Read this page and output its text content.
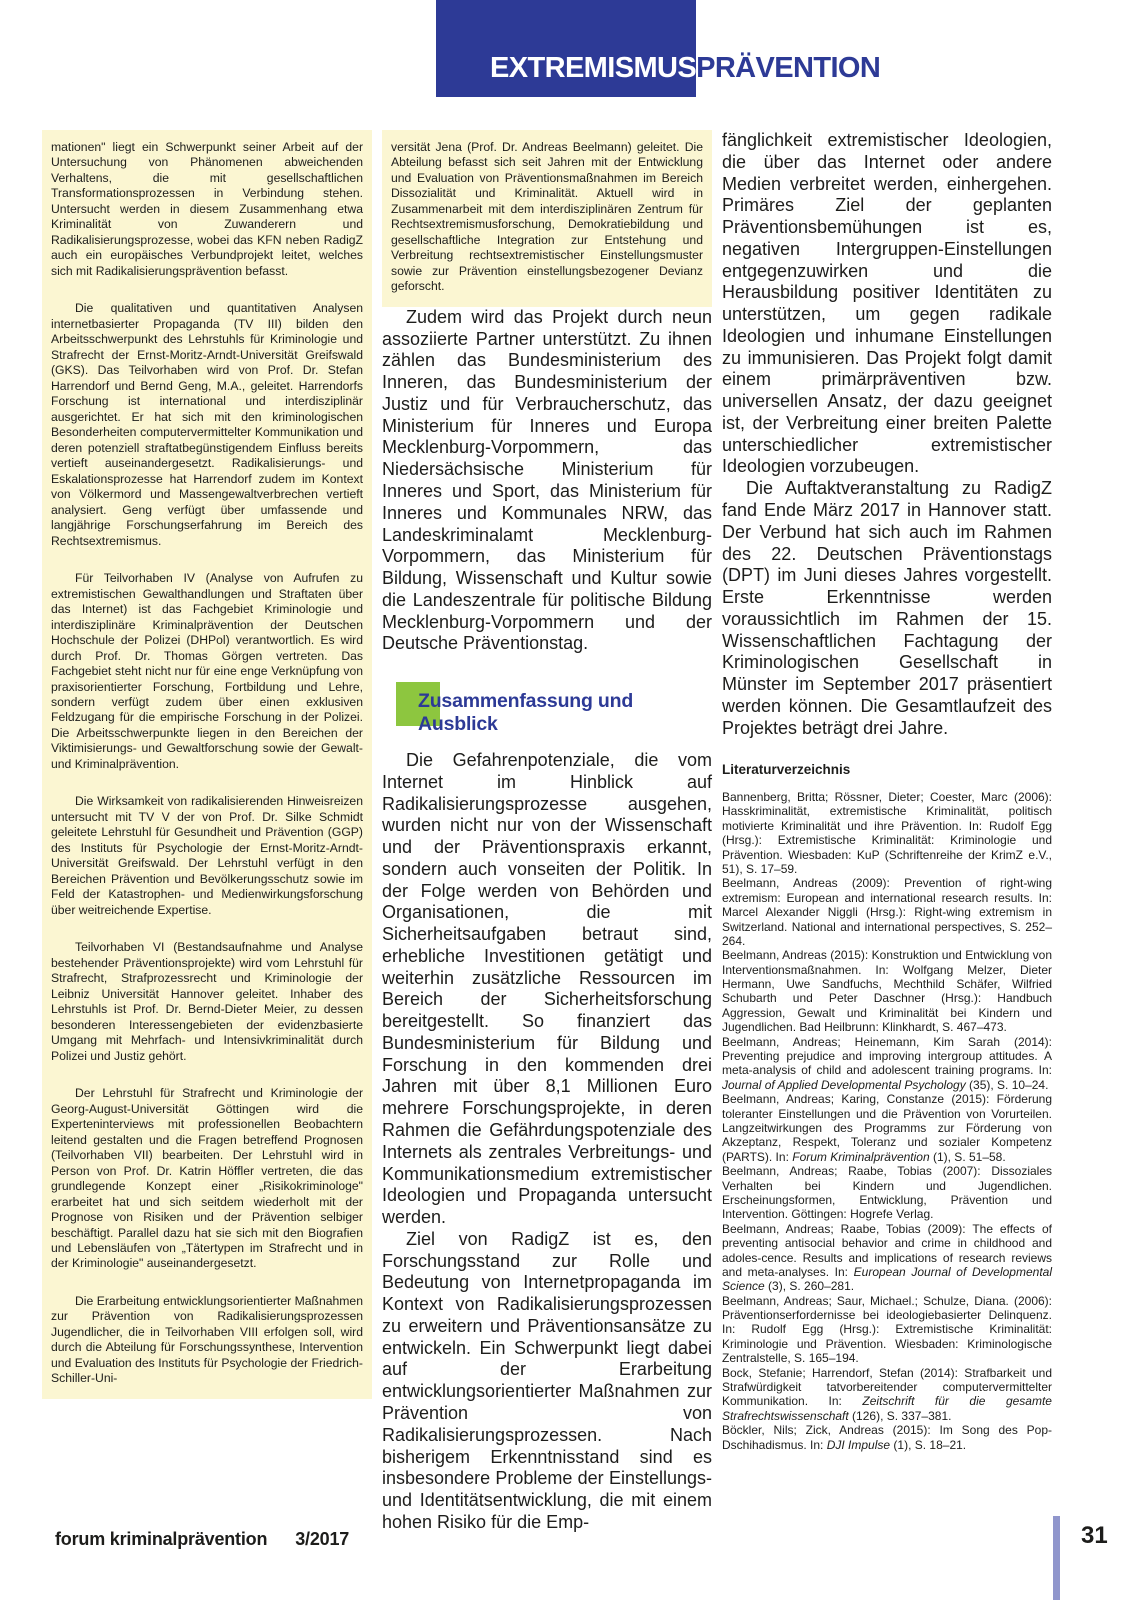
EXTREMISMUS PRÄVENTION

mationen" liegt ein Schwerpunkt seiner Arbeit auf der Untersuchung von Phänomenen abweichenden Verhaltens, die mit gesellschaftlichen Transformationsprozessen in Verbindung stehen. Untersucht werden in diesem Zusammenhang etwa Kriminalität von Zuwanderern und Radikalisierungsprozesse, wobei das KFN neben RadigZ auch ein europäisches Verbundprojekt leitet, welches sich mit Radikalisierungsprävention befasst.

Die qualitativen und quantitativen Analysen internetbasierter Propaganda (TV III) bilden den Arbeitsschwerpunkt des Lehrstuhls für Kriminologie und Strafrecht der Ernst-Moritz-Arndt-Universität Greifswald (GKS). Das Teilvorhaben wird von Prof. Dr. Stefan Harrendorf und Bernd Geng, M.A., geleitet. Harrendorfs Forschung ist international und interdisziplinär ausgerichtet. Er hat sich mit den kriminologischen Besonderheiten computervermittelter Kommunikation und deren potenziell straftatbegünstigendem Einfluss bereits vertieft auseinandergesetzt. Radikalisierungs- und Eskalationsprozesse hat Harrendorf zudem im Kontext von Völkermord und Massengewaltverbrechen vertieft analysiert. Geng verfügt über umfassende und langjährige Forschungserfahrung im Bereich des Rechtsextremismus.

Für Teilvorhaben IV (Analyse von Aufrufen zu extremistischen Gewalthandlungen und Straftaten über das Internet) ist das Fachgebiet Kriminologie und interdisziplinäre Kriminalprävention der Deutschen Hochschule der Polizei (DHPol) verantwortlich. Es wird durch Prof. Dr. Thomas Görgen vertreten. Das Fachgebiet steht nicht nur für eine enge Verknüpfung von praxisorientierter Forschung, Fortbildung und Lehre, sondern verfügt zudem über einen exklusiven Feldzugang für die empirische Forschung in der Polizei. Die Arbeitsschwerpunkte liegen in den Bereichen der Viktimisierungs- und Gewaltforschung sowie der Gewalt- und Kriminalprävention.

Die Wirksamkeit von radikalisierenden Hinweisreizen untersucht mit TV V der von Prof. Dr. Silke Schmidt geleitete Lehrstuhl für Gesundheit und Prävention (GGP) des Instituts für Psychologie der Ernst-Moritz-Arndt-Universität Greifswald. Der Lehrstuhl verfügt in den Bereichen Prävention und Bevölkerungsschutz sowie im Feld der Katastrophen- und Medienwirkungsforschung über weitreichende Expertise.

Teilvorhaben VI (Bestandsaufnahme und Analyse bestehender Präventionsprojekte) wird vom Lehrstuhl für Strafrecht, Strafprozessrecht und Kriminologie der Leibniz Universität Hannover geleitet. Inhaber des Lehrstuhls ist Prof. Dr. Bernd-Dieter Meier, zu dessen besonderen Interessengebieten der evidenzbasierte Umgang mit Mehrfach- und Intensivkriminalität durch Polizei und Justiz gehört.

Der Lehrstuhl für Strafrecht und Kriminologie der Georg-August-Universität Göttingen wird die Experteninterviews mit professionellen Beobachtern leitend gestalten und die Fragen betreffend Prognosen (Teilvorhaben VII) bearbeiten. Der Lehrstuhl wird in Person von Prof. Dr. Katrin Höffler vertreten, die das grundlegende Konzept einer „Risikokriminologe" erarbeitet hat und sich seitdem wiederholt mit der Prognose von Risiken und der Prävention selbiger beschäftigt. Parallel dazu hat sie sich mit den Biografien und Lebensläufen von „Tätertypen im Strafrecht und in der Kriminologie" auseinandergesetzt.

Die Erarbeitung entwicklungsorientierter Maßnahmen zur Prävention von Radikalisierungsprozessen Jugendlicher, die in Teilvorhaben VIII erfolgen soll, wird durch die Abteilung für Forschungssynthese, Intervention und Evaluation des Instituts für Psychologie der Friedrich-Schiller-Uni-

versität Jena (Prof. Dr. Andreas Beelmann) geleitet. Die Abteilung befasst sich seit Jahren mit der Entwicklung und Evaluation von Präventionsmaßnahmen im Bereich Dissozialität und Kriminalität. Aktuell wird in Zusammenarbeit mit dem interdisziplinären Zentrum für Rechtsextremismusforschung, Demokratiebildung und gesellschaftliche Integration zur Entstehung und Verbreitung rechtsextremistischer Einstellungsmuster sowie zur Prävention einstellungsbezogener Devianz geforscht.

Zudem wird das Projekt durch neun assoziierte Partner unterstützt. Zu ihnen zählen das Bundesministerium des Inneren, das Bundesministerium der Justiz und für Verbraucherschutz, das Ministerium für Inneres und Europa Mecklenburg-Vorpommern, das Niedersächsische Ministerium für Inneres und Sport, das Ministerium für Inneres und Kommunales NRW, das Landeskriminalamt Mecklenburg-Vorpommern, das Ministerium für Bildung, Wissenschaft und Kultur sowie die Landeszentrale für politische Bildung Mecklenburg-Vorpommern und der Deutsche Präventionstag.

Zusammenfassung und Ausblick

Die Gefahrenpotenziale, die vom Internet im Hinblick auf Radikalisierungsprozesse ausgehen, wurden nicht nur von der Wissenschaft und der Präventionspraxis erkannt, sondern auch vonseiten der Politik. In der Folge werden von Behörden und Organisationen, die mit Sicherheitsaufgaben betraut sind, erhebliche Investitionen getätigt und weiterhin zusätzliche Ressourcen im Bereich der Sicherheitsforschung bereitgestellt. So finanziert das Bundesministerium für Bildung und Forschung in den kommenden drei Jahren mit über 8,1 Millionen Euro mehrere Forschungsprojekte, in deren Rahmen die Gefährdungspotenziale des Internets als zentrales Verbreitungs- und Kommunikationsmedium extremistischer Ideologien und Propaganda untersucht werden.

Ziel von RadigZ ist es, den Forschungsstand zur Rolle und Bedeutung von Internetpropaganda im Kontext von Radikalisierungsprozessen zu erweitern und Präventionsansätze zu entwickeln. Ein Schwerpunkt liegt dabei auf der Erarbeitung entwicklungsorientierter Maßnahmen zur Prävention von Radikalisierungsprozessen. Nach bisherigem Erkenntnisstand sind es insbesondere Probleme der Einstellungs- und Identitätsentwicklung, die mit einem hohen Risiko für die Emp-

fänglichkeit extremistischer Ideologien, die über das Internet oder andere Medien verbreitet werden, einhergehen. Primäres Ziel der geplanten Präventionsbemühungen ist es, negativen Intergruppen-Einstellungen entgegenzuwirken und die Herausbildung positiver Identitäten zu unterstützen, um gegen radikale Ideologien und inhumane Einstellungen zu immunisieren. Das Projekt folgt damit einem primärpräventiven bzw. universellen Ansatz, der dazu geeignet ist, der Verbreitung einer breiten Palette unterschiedlicher extremistischer Ideologien vorzubeugen.

Die Auftaktveranstaltung zu RadigZ fand Ende März 2017 in Hannover statt. Der Verbund hat sich auch im Rahmen des 22. Deutschen Präventionstags (DPT) im Juni dieses Jahres vorgestellt. Erste Erkenntnisse werden voraussichtlich im Rahmen der 15. Wissenschaftlichen Fachtagung der Kriminologischen Gesellschaft in Münster im September 2017 präsentiert werden können. Die Gesamtlaufzeit des Projektes beträgt drei Jahre.

Literaturverzeichnis

Bannenberg, Britta; Rössner, Dieter; Coester, Marc (2006): Hasskriminalität, extremistische Kriminalität, politisch motivierte Kriminalität und ihre Prävention. In: Rudolf Egg (Hrsg.): Extremistische Kriminalität: Kriminologie und Prävention. Wiesbaden: KuP (Schriftenreihe der KrimZ e.V., 51), S. 17–59.

Beelmann, Andreas (2009): Prevention of right-wing extremism: European and international research results. In: Marcel Alexander Niggli (Hrsg.): Right-wing extremism in Switzerland. National and international perspectives, S. 252–264.

Beelmann, Andreas (2015): Konstruktion und Entwicklung von Interventionsmaßnahmen. In: Wolfgang Melzer, Dieter Hermann, Uwe Sandfuchs, Mechthild Schäfer, Wilfried Schubarth und Peter Daschner (Hrsg.): Handbuch Aggression, Gewalt und Kriminalität bei Kindern und Jugendlichen. Bad Heilbrunn: Klinkhardt, S. 467–473.

Beelmann, Andreas; Heinemann, Kim Sarah (2014): Preventing prejudice and improving intergroup attitudes. A meta-analysis of child and adolescent training programs. In: Journal of Applied Developmental Psychology (35), S. 10–24.

Beelmann, Andreas; Karing, Constanze (2015): Förderung toleranter Einstellungen und die Prävention von Vorurteilen. Langzeitwirkungen des Programms zur Förderung von Akzeptanz, Respekt, Toleranz und sozialer Kompetenz (PARTS). In: Forum Kriminalprävention (1), S. 51–58.

Beelmann, Andreas; Raabe, Tobias (2007): Dissoziales Verhalten bei Kindern und Jugendlichen. Erscheinungsformen, Entwicklung, Prävention und Intervention. Göttingen: Hogrefe Verlag.

Beelmann, Andreas; Raabe, Tobias (2009): The effects of preventing antisocial behavior and crime in childhood and adoles-cence. Results and implications of research reviews and meta-analyses. In: European Journal of Developmental Science (3), S. 260–281.

Beelmann, Andreas; Saur, Michael.; Schulze, Diana. (2006): Präventionserfordernisse bei ideologiebasierter Delinquenz. In: Rudolf Egg (Hrsg.): Extremistische Kriminalität: Kriminologie und Prävention. Wiesbaden: Kriminologische Zentralstelle, S. 165–194.

Bock, Stefanie; Harrendorf, Stefan (2014): Strafbarkeit und Strafwürdigkeit tatvorbereitender computervermittelter Kommunikation. In: Zeitschrift für die gesamte Strafrechtswissenschaft (126), S. 337–381.

Böckler, Nils; Zick, Andreas (2015): Im Song des Pop-Dschihadismus. In: DJI Impulse (1), S. 18–21.

forum kriminalprävention 3/2017	31
